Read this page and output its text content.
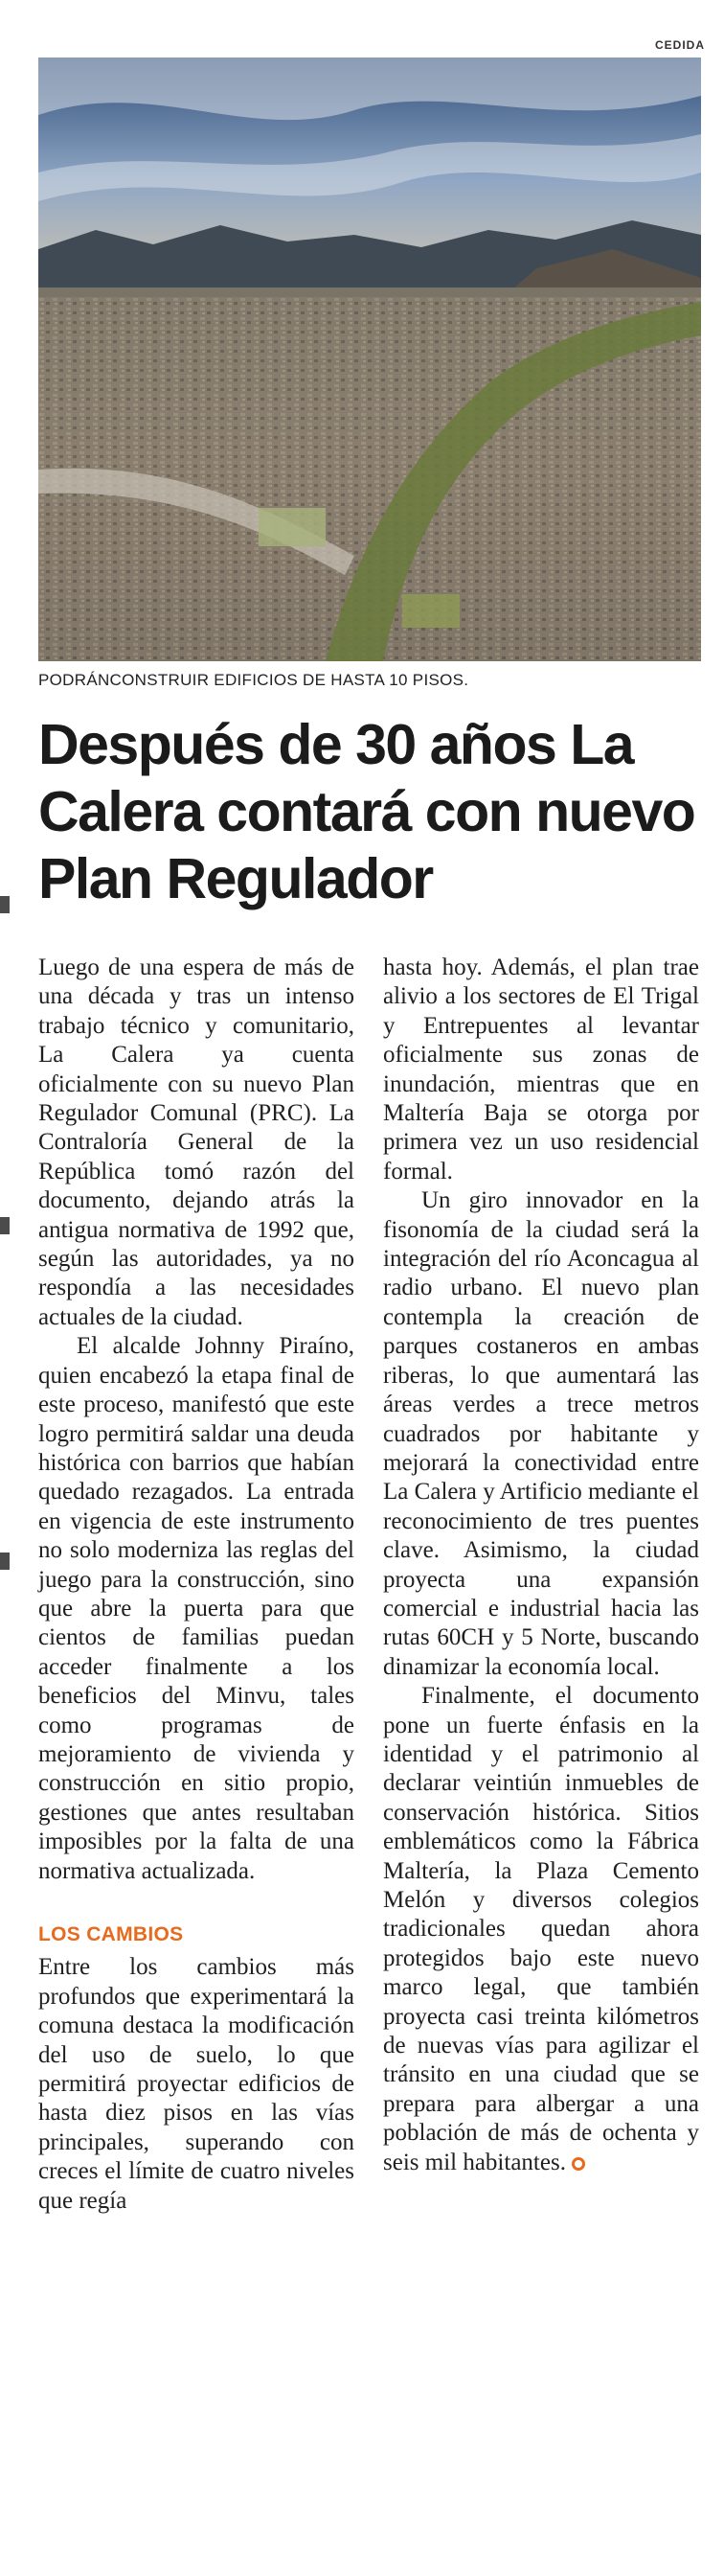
CEDIDA
PODRÁNCONSTRUIR EDIFICIOS DE HASTA 10 PISOS.
Después de 30 años La Calera contará con nuevo Plan Regulador

Luego de una espera de más de una década y tras un intenso trabajo técnico y comunitario, La Calera ya cuenta oficialmente con su nuevo Plan Regulador Comunal (PRC). La Contraloría General de la República tomó razón del documento, dejando atrás la antigua normativa de 1992 que, según las autoridades, ya no respondía a las necesidades actuales de la ciudad.

El alcalde Johnny Piraíno, quien encabezó la etapa final de este proceso, manifestó que este logro permitirá saldar una deuda histórica con barrios que habían quedado rezagados. La entrada en vigencia de este instrumento no solo moderniza las reglas del juego para la construcción, sino que abre la puerta para que cientos de familias puedan acceder finalmente a los beneficios del Minvu, tales como programas de mejoramiento de vivienda y construcción en sitio propio, gestiones que antes resultaban imposibles por la falta de una normativa actualizada.

LOS CAMBIOS

Entre los cambios más profundos que experimentará la comuna destaca la modificación del uso de suelo, lo que permitirá proyectar edificios de hasta diez pisos en las vías principales, superando con creces el límite de cuatro niveles que regía

hasta hoy. Además, el plan trae alivio a los sectores de El Trigal y Entrepuentes al levantar oficialmente sus zonas de inundación, mientras que en Maltería Baja se otorga por primera vez un uso residencial formal.

Un giro innovador en la fisonomía de la ciudad será la integración del río Aconcagua al radio urbano. El nuevo plan contempla la creación de parques costaneros en ambas riberas, lo que aumentará las áreas verdes a trece metros cuadrados por habitante y mejorará la conectividad entre La Calera y Artificio mediante el reconocimiento de tres puentes clave. Asimismo, la ciudad proyecta una expansión comercial e industrial hacia las rutas 60CH y 5 Norte, buscando dinamizar la economía local.

Finalmente, el documento pone un fuerte énfasis en la identidad y el patrimonio al declarar veintiún inmuebles de conservación histórica. Sitios emblemáticos como la Fábrica Maltería, la Plaza Cemento Melón y diversos colegios tradicionales quedan ahora protegidos bajo este nuevo marco legal, que también proyecta casi treinta kilómetros de nuevas vías para agilizar el tránsito en una ciudad que se prepara para albergar a una población de más de ochenta y seis mil habitantes.
